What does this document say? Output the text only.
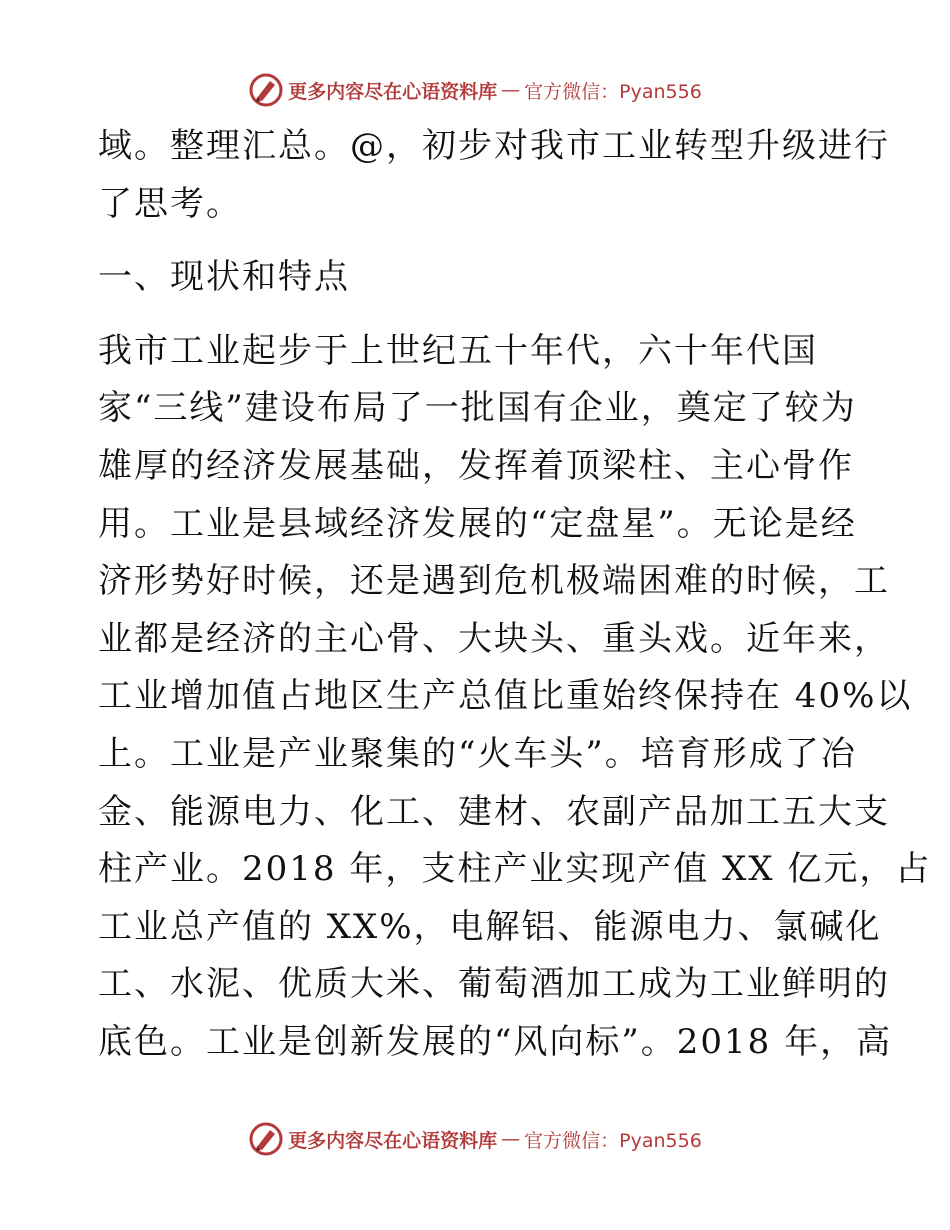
更多内容尽在心语资料库 — 官方微信：Pyan556
域。整理汇总。@，初步对我市工业转型升级进行
了思考。
一、现状和特点
我市工业起步于上世纪五十年代，六十年代国
家“三线”建设布局了一批国有企业，奠定了较为
雄厚的经济发展基础，发挥着顶梁柱、主心骨作
用。工业是县域经济发展的“定盘星”。无论是经
济形势好时候，还是遇到危机极端困难的时候，工
业都是经济的主心骨、大块头、重头戏。近年来，
工业增加值占地区生产总值比重始终保持在 40%以
上。工业是产业聚集的“火车头”。培育形成了冶
金、能源电力、化工、建材、农副产品加工五大支
柱产业。2018 年，支柱产业实现产值 XX 亿元，占
工业总产值的 XX%，电解铝、能源电力、氯碱化
工、水泥、优质大米、葡萄酒加工成为工业鲜明的
底色。工业是创新发展的“风向标”。2018 年，高
更多内容尽在心语资料库 — 官方微信：Pyan556
